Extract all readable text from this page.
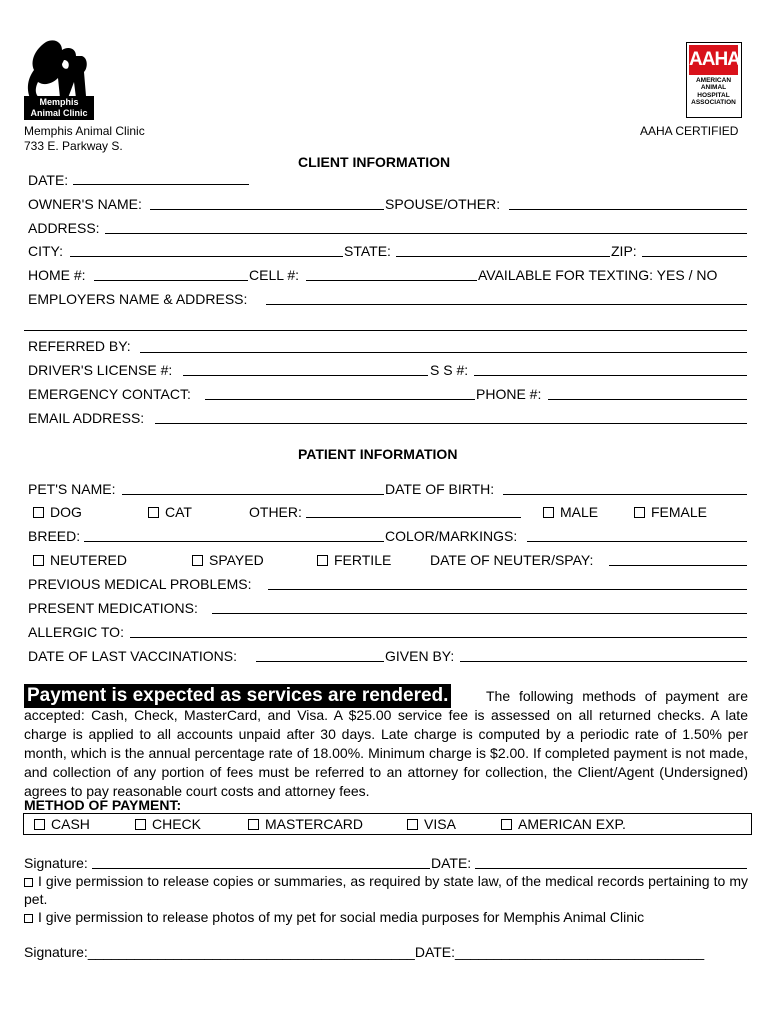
Memphis Animal Clinic
AAHA
AMERICAN
ANIMAL
HOSPITAL
ASSOCIATION
Memphis Animal Clinic
733 E. Parkway S.
AAHA CERTIFIED
CLIENT INFORMATION
DATE:
OWNER'S NAME:	SPOUSE/OTHER:
ADDRESS:
CITY:	STATE:	ZIP:
HOME #:	CELL #:	AVAILABLE FOR TEXTING: YES / NO
EMPLOYERS NAME & ADDRESS:
REFERRED BY:
DRIVER'S LICENSE #:	S S #:
EMERGENCY CONTACT:	PHONE #:
EMAIL ADDRESS:
PATIENT INFORMATION
PET'S NAME:	DATE OF BIRTH:
DOG	CAT	OTHER:	MALE	FEMALE
BREED:	COLOR/MARKINGS:
NEUTERED	SPAYED	FERTILE	DATE OF NEUTER/SPAY:
PREVIOUS MEDICAL PROBLEMS:
PRESENT MEDICATIONS:
ALLERGIC TO:
DATE OF LAST VACCINATIONS:	GIVEN BY:
Payment is expected as services are rendered.	The following methods of payment are accepted: Cash, Check, MasterCard, and Visa. A $25.00 service fee is assessed on all returned checks. A late charge is applied to all accounts unpaid after 30 days. Late charge is computed by a periodic rate of 1.50% per month, which is the annual percentage rate of 18.00%. Minimum charge is $2.00. If completed payment is not made, and collection of any portion of fees must be referred to an attorney for collection, the Client/Agent (Undersigned) agrees to pay reasonable court costs and attorney fees.
METHOD OF PAYMENT:
CASH	CHECK	MASTERCARD	VISA	AMERICAN EXP.
Signature:	DATE:
I give permission to release copies or summaries, as required by state law, of the medical records pertaining to my pet.
I give permission to release photos of my pet for social media purposes for Memphis Animal Clinic
Signature:__________________________________________DATE:________________________________
